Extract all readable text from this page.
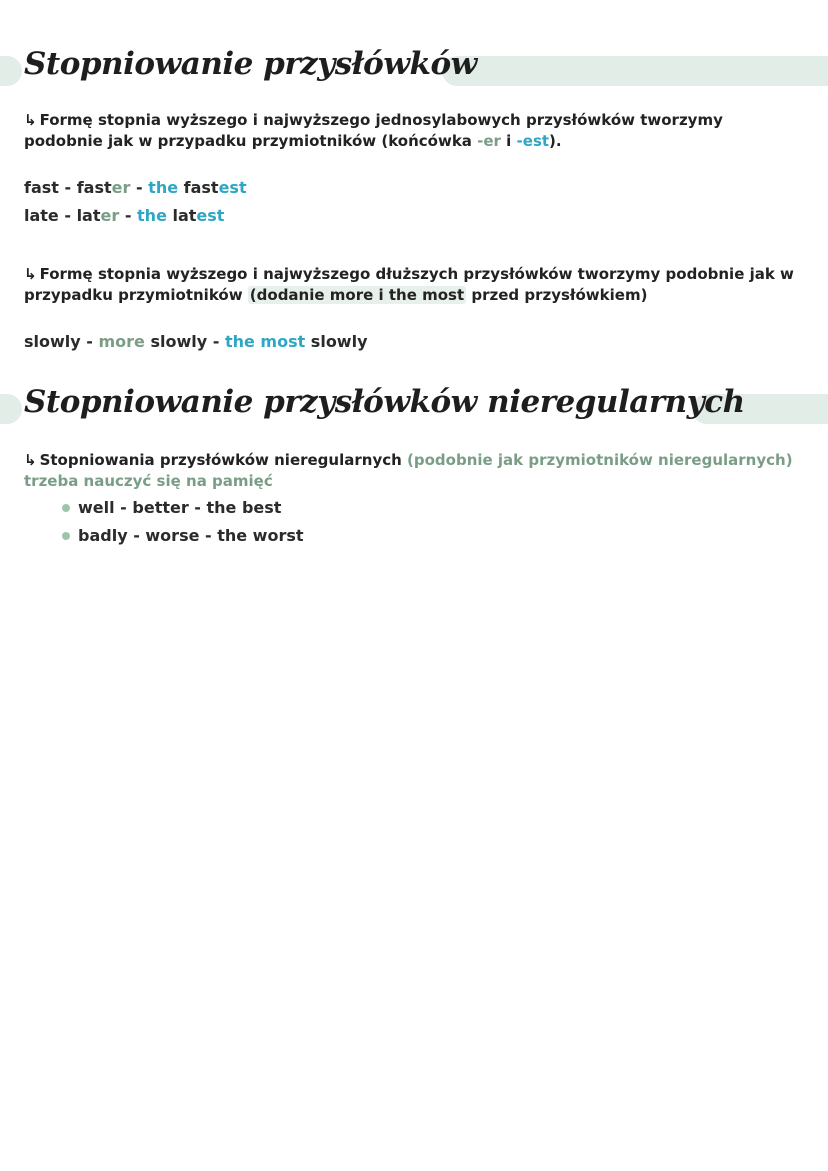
Stopniowanie przysłówków

↳ Formę stopnia wyższego i najwyższego jednosylabowych przysłówków tworzymy podobnie jak w przypadku przymiotników (końcówka -er i -est).

fast - faster - the fastest

late - later - the latest

↳ Formę stopnia wyższego i najwyższego dłuższych przysłówków tworzymy podobnie jak w przypadku przymiotników (dodanie more i the most przed przysłówkiem)

slowly - more slowly - the most slowly

Stopniowanie przysłówków nieregularnych

↳ Stopniowania przysłówków nieregularnych (podobnie jak przymiotników nieregularnych) trzeba nauczyć się na pamięć

well - better - the best
badly - worse - the worst
